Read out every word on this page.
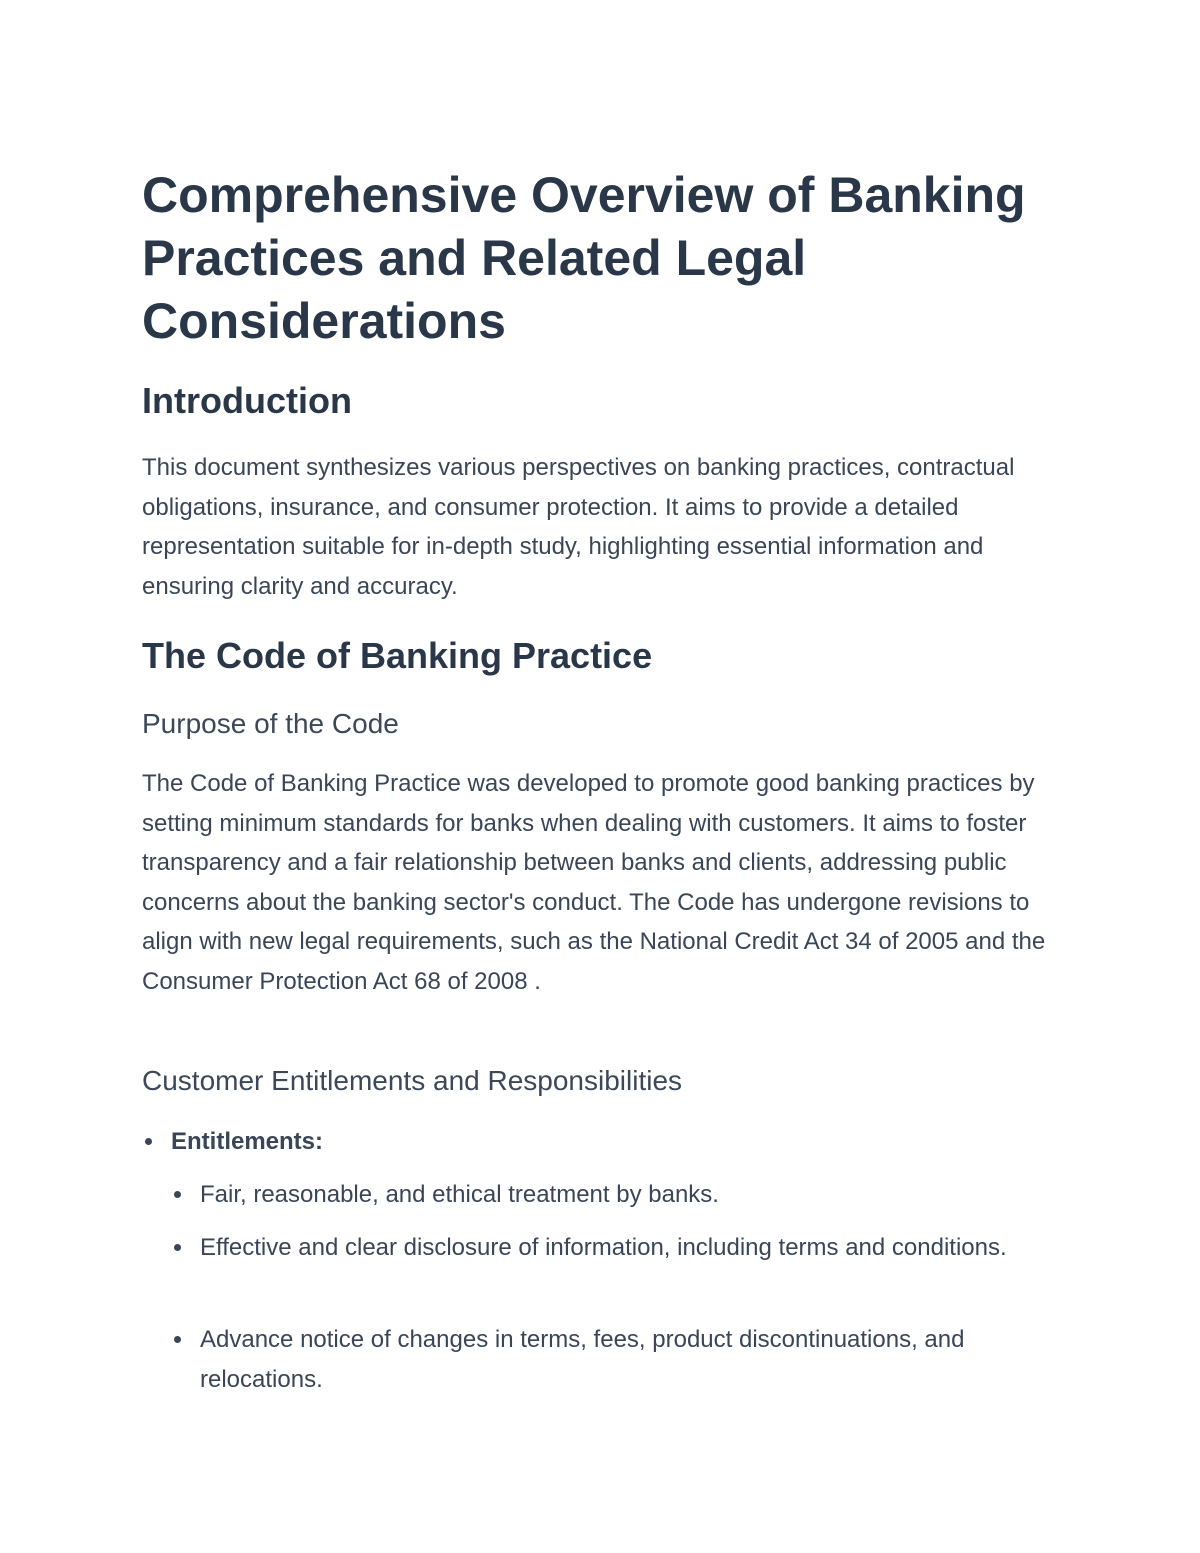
Comprehensive Overview of Banking Practices and Related Legal Considerations
Introduction

This document synthesizes various perspectives on banking practices, contractual obligations, insurance, and consumer protection. It aims to provide a detailed representation suitable for in-depth study, highlighting essential information and ensuring clarity and accuracy.

The Code of Banking Practice
Purpose of the Code

The Code of Banking Practice was developed to promote good banking practices by setting minimum standards for banks when dealing with customers. It aims to foster transparency and a fair relationship between banks and clients, addressing public concerns about the banking sector's conduct. The Code has undergone revisions to align with new legal requirements, such as the National Credit Act 34 of 2005 and the Consumer Protection Act 68 of 2008 .

Customer Entitlements and Responsibilities
Entitlements:
Fair, reasonable, and ethical treatment by banks.
Effective and clear disclosure of information, including terms and conditions.
Advance notice of changes in terms, fees, product discontinuations, and relocations.
